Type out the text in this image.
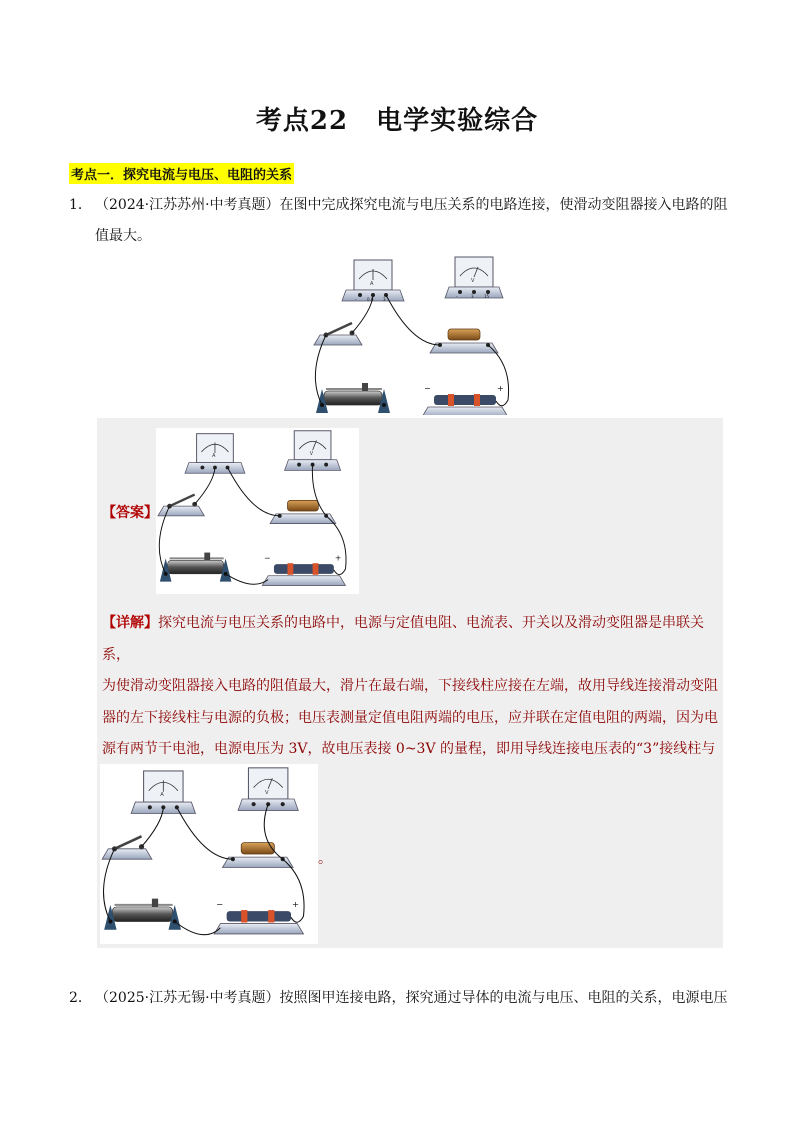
考点22 电学实验综合
考点一．探究电流与电压、电阻的关系
1． （2024·江苏苏州·中考真题）在图中完成探究电流与电压关系的电路连接，使滑动变阻器接入电路的阻
值最大。
A
-	0.6 3
V
-	3	15
−	+
【答案】
【详解】探究电流与电压关系的电路中，电源与定值电阻、电流表、开关以及滑动变阻器是串联关系，
为使滑动变阻器接入电路的阻值最大，滑片在最右端，下接线柱应接在左端，故用导线连接滑动变阻
器的左下接线柱与电源的负极；电压表测量定值电阻两端的电压，应并联在定值电阻的两端，因为电
源有两节干电池，电源电压为 3V，故电压表接 0~3V 的量程，即用导线连接电压表的“3”接线柱与定值
电阻的右接线柱，如下图所示：
。
2． （2025·江苏无锡·中考真题）按照图甲连接电路，探究通过导体的电流与电压、电阻的关系，电源电压
